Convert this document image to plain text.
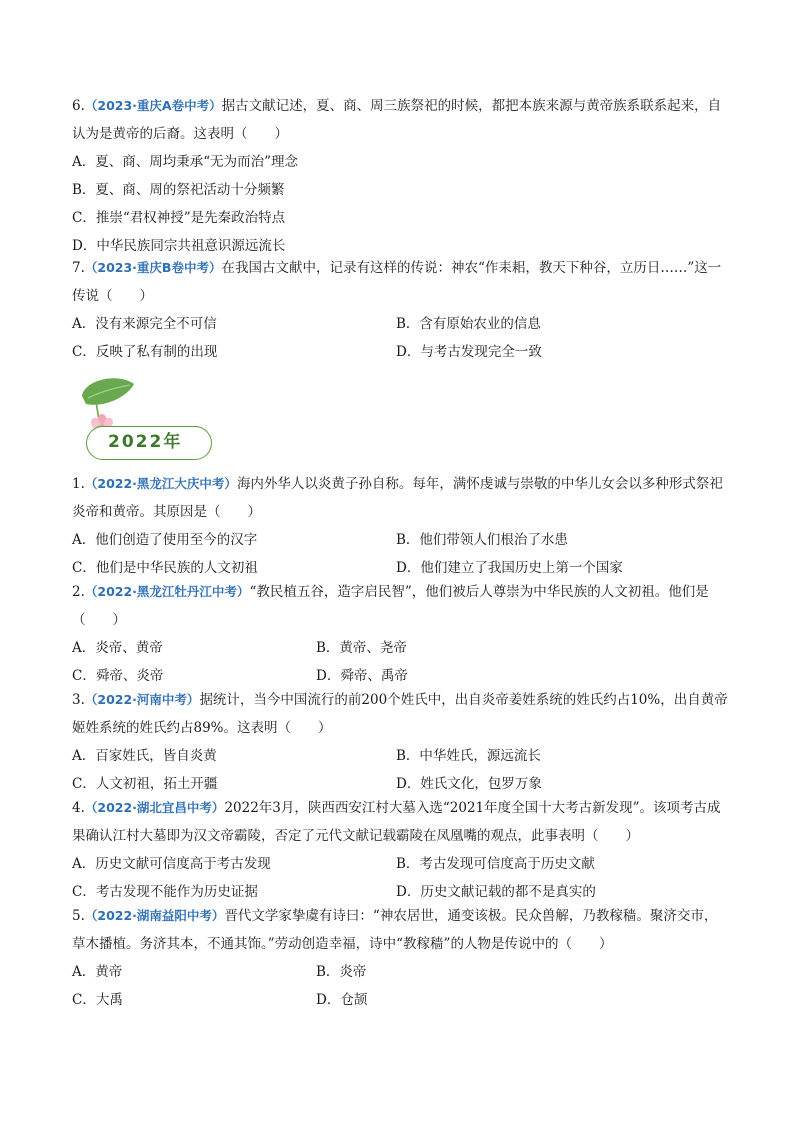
6.（2023·重庆A卷中考）据古文献记述，夏、商、周三族祭祀的时候，都把本族来源与黄帝族系联系起来，自认为是黄帝的后裔。这表明（　　）

A．夏、商、周均秉承“无为而治”理念
B．夏、商、周的祭祀活动十分频繁
C．推崇“君权神授”是先秦政治特点
D．中华民族同宗共祖意识源远流长

7.（2023·重庆B卷中考）在我国古文献中，记录有这样的传说：神农“作耒耜，教天下种谷，立历日……”这一传说（　　）

A．没有来源完全不可信	B．含有原始农业的信息
C．反映了私有制的出现	D．与考古发现完全一致
2022年

1.（2022·黑龙江大庆中考）海内外华人以炎黄子孙自称。每年，满怀虔诚与崇敬的中华儿女会以多种形式祭祀炎帝和黄帝。其原因是（　　）

A．他们创造了使用至今的汉字	B．他们带领人们根治了水患
C．他们是中华民族的人文初祖	D．他们建立了我国历史上第一个国家

2.（2022·黑龙江牡丹江中考）“教民植五谷，造字启民智”，他们被后人尊崇为中华民族的人文初祖。他们是（　　）

A．炎帝、黄帝	B．黄帝、尧帝
C．舜帝、炎帝	D．舜帝、禹帝

3.（2022·河南中考）据统计，当今中国流行的前200个姓氏中，出自炎帝姜姓系统的姓氏约占10%，出自黄帝姬姓系统的姓氏约占89%。这表明（　　）

A．百家姓氏，皆自炎黄	B．中华姓氏，源远流长
C．人文初祖，拓土开疆	D．姓氏文化，包罗万象

4.（2022·湖北宜昌中考）2022年3月，陕西西安江村大墓入选“2021年度全国十大考古新发现”。该项考古成果确认江村大墓即为汉文帝霸陵，否定了元代文献记载霸陵在凤凰嘴的观点，此事表明（　　）

A．历史文献可信度高于考古发现	B．考古发现可信度高于历史文献
C．考古发现不能作为历史证据	D．历史文献记载的都不是真实的

5.（2022·湖南益阳中考）晋代文学家挚虞有诗曰：“神农居世，通变该极。民众兽解，乃教稼穑。聚济交市，草木播植。务济其本，不通其饰。”劳动创造幸福，诗中“教稼穑”的人物是传说中的（　　）

A．黄帝	B．炎帝
C．大禹	D．仓颉
